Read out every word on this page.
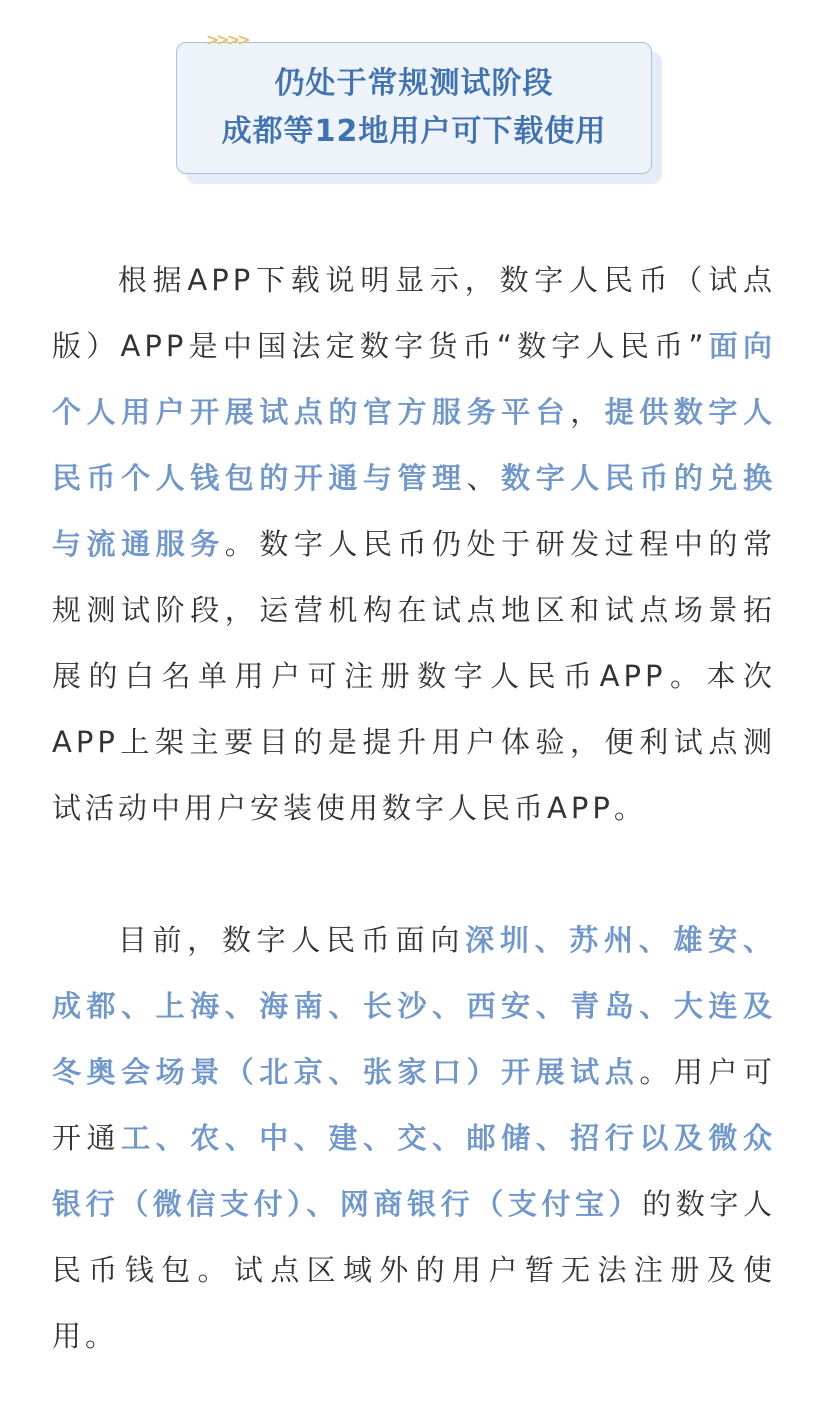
仍处于常规测试阶段
成都等12地用户可下载使用
>>>>

根据APP下载说明显示，数字人民币（试点版）APP是中国法定数字货币“数字人民币”面向个人用户开展试点的官方服务平台，提供数字人民币个人钱包的开通与管理、数字人民币的兑换与流通服务。数字人民币仍处于研发过程中的常规测试阶段，运营机构在试点地区和试点场景拓展的白名单用户可注册数字人民币APP。本次APP上架主要目的是提升用户体验，便利试点测试活动中用户安装使用数字人民币APP。

目前，数字人民币面向深圳、苏州、雄安、成都、上海、海南、长沙、西安、青岛、大连及冬奥会场景（北京、张家口）开展试点。用户可开通工、农、中、建、交、邮储、招行以及微众银行（微信支付）、网商银行（支付宝）的数字人民币钱包。试点区域外的用户暂无法注册及使用。
